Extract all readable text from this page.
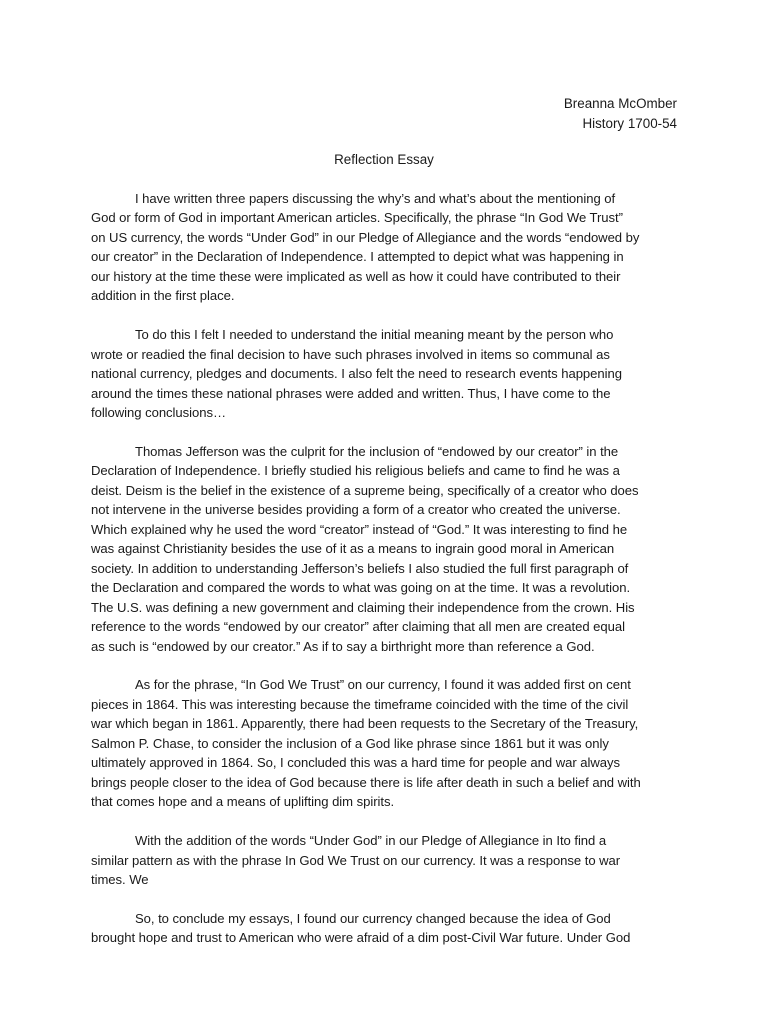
Breanna McOmber
History 1700-54
Reflection Essay

I have written three papers discussing the why’s and what’s about the mentioning of
God or form of God in important American articles. Specifically, the phrase “In God We Trust”
on US currency, the words “Under God” in our Pledge of Allegiance and the words “endowed by
our creator” in the Declaration of Independence. I attempted to depict what was happening in
our history at the time these were implicated as well as how it could have contributed to their
addition in the first place.

To do this I felt I needed to understand the initial meaning meant by the person who
wrote or readied the final decision to have such phrases involved in items so communal as
national currency, pledges and documents. I also felt the need to research events happening
around the times these national phrases were added and written. Thus, I have come to the
following conclusions…

Thomas Jefferson was the culprit for the inclusion of “endowed by our creator” in the
Declaration of Independence. I briefly studied his religious beliefs and came to find he was a
deist. Deism is the belief in the existence of a supreme being, specifically of a creator who does
not intervene in the universe besides providing a form of a creator who created the universe.
Which explained why he used the word “creator” instead of “God.” It was interesting to find he
was against Christianity besides the use of it as a means to ingrain good moral in American
society. In addition to understanding Jefferson’s beliefs I also studied the full first paragraph of
the Declaration and compared the words to what was going on at the time. It was a revolution.
The U.S. was defining a new government and claiming their independence from the crown. His
reference to the words “endowed by our creator” after claiming that all men are created equal
as such is “endowed by our creator.” As if to say a birthright more than reference a God.

As for the phrase, “In God We Trust” on our currency, I found it was added first on cent
pieces in 1864. This was interesting because the timeframe coincided with the time of the civil
war which began in 1861. Apparently, there had been requests to the Secretary of the Treasury,
Salmon P. Chase, to consider the inclusion of a God like phrase since 1861 but it was only
ultimately approved in 1864. So, I concluded this was a hard time for people and war always
brings people closer to the idea of God because there is life after death in such a belief and with
that comes hope and a means of uplifting dim spirits.

With the addition of the words “Under God” in our Pledge of Allegiance in Ito find a
similar pattern as with the phrase In God We Trust on our currency. It was a response to war
times. We

So, to conclude my essays, I found our currency changed because the idea of God
brought hope and trust to American who were afraid of a dim post-Civil War future. Under God
